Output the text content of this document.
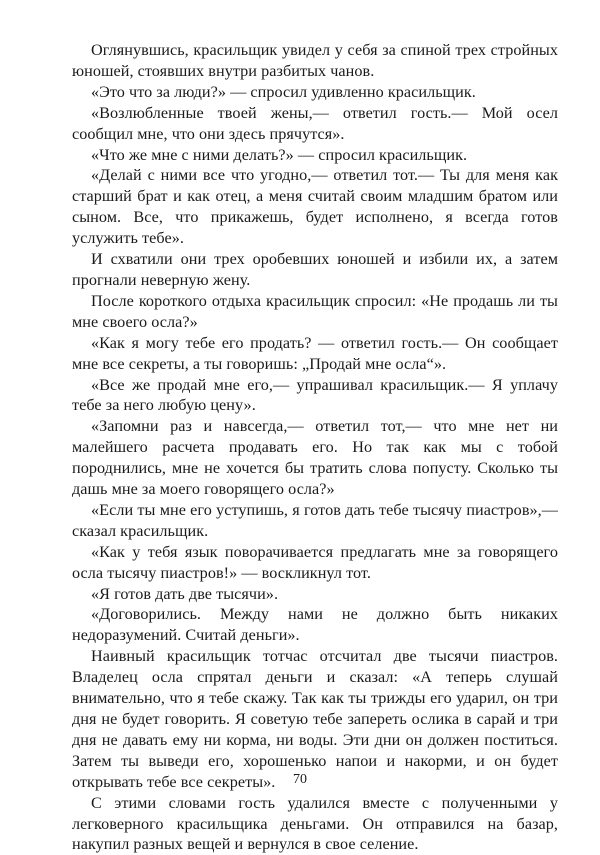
Оглянувшись, красильщик увидел у себя за спиной трех стройных юношей, стоявших внутри разбитых чанов.

«Это что за люди?» — спросил удивленно красильщик.

«Возлюбленные твоей жены,— ответил гость.— Мой осел сообщил мне, что они здесь прячутся».

«Что же мне с ними делать?» — спросил красильщик.

«Делай с ними все что угодно,— ответил тот.— Ты для меня как старший брат и как отец, а меня считай своим младшим братом или сыном. Все, что прикажешь, будет исполнено, я всегда готов услужить тебе».

И схватили они трех оробевших юношей и избили их, а затем прогнали неверную жену.

После короткого отдыха красильщик спросил: «Не продашь ли ты мне своего осла?»

«Как я могу тебе его продать? — ответил гость.— Он сообщает мне все секреты, а ты говоришь: „Продай мне осла“».

«Все же продай мне его,— упрашивал красильщик.— Я уплачу тебе за него любую цену».

«Запомни раз и навсегда,— ответил тот,— что мне нет ни малейшего расчета продавать его. Но так как мы с тобой породнились, мне не хочется бы тратить слова попусту. Сколько ты дашь мне за моего говорящего осла?»

«Если ты мне его уступишь, я готов дать тебе тысячу пиастров»,— сказал красильщик.

«Как у тебя язык поворачивается предлагать мне за говорящего осла тысячу пиастров!» — воскликнул тот.

«Я готов дать две тысячи».

«Договорились. Между нами не должно быть никаких недоразумений. Считай деньги».

Наивный красильщик тотчас отсчитал две тысячи пиастров. Владелец осла спрятал деньги и сказал: «А теперь слушай внимательно, что я тебе скажу. Так как ты трижды его ударил, он три дня не будет говорить. Я советую тебе запереть ослика в сарай и три дня не давать ему ни корма, ни воды. Эти дни он должен поститься. Затем ты выведи его, хорошенько напои и накорми, и он будет открывать тебе все секреты».

С этими словами гость удалился вместе с полученными у легковерного красильщика деньгами. Он отправился на базар, накупил разных вещей и вернулся в свое селение.

70
